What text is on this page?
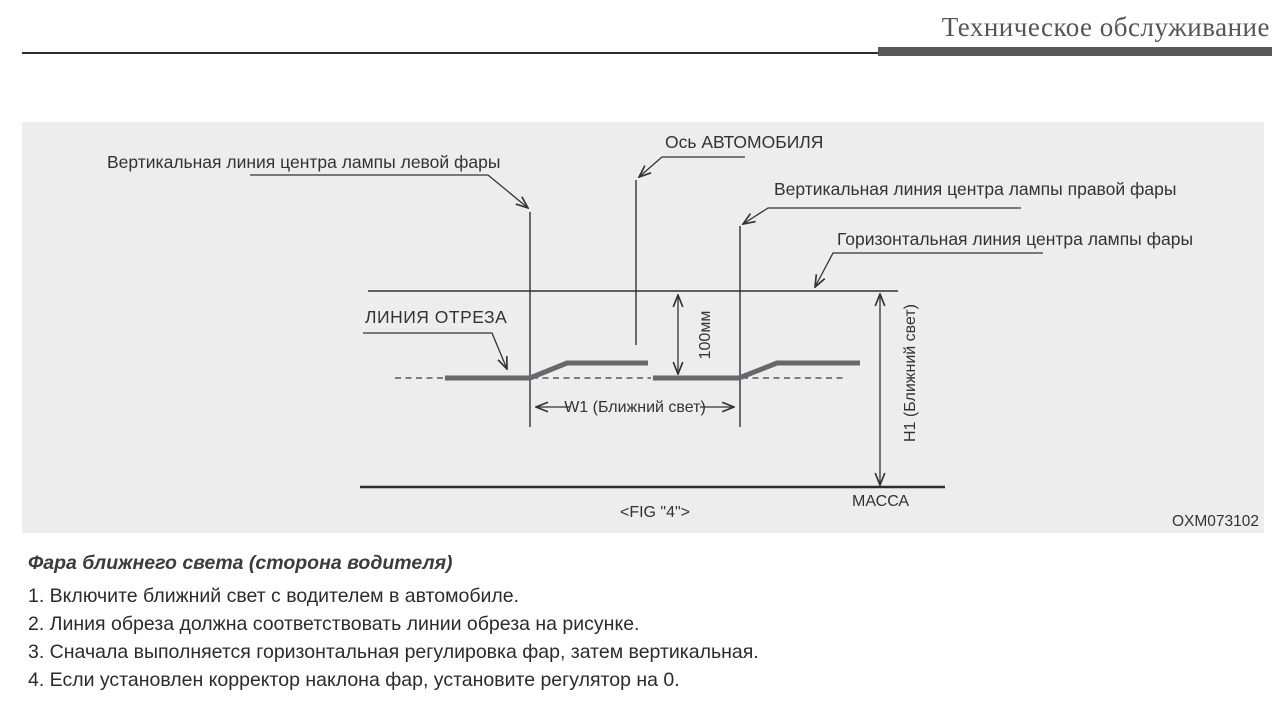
Техническое обслуживание
Вертикальная линия центра лампы левой фары
Ось АВТОМОБИЛЯ
Вертикальная линия центра лампы правой фары
Горизонтальная линия центра лампы фары
ЛИНИЯ ОТРЕЗА	100мм
W1 (Ближний свет)	H1 (Ближний свет)
МАССА
<FIG "4">
OXM073102

Фара ближнего света (сторона водителя)

1. Включите ближний свет с водителем в автомобиле.

2. Линия обреза должна соответствовать линии обреза на рисунке.

3. Сначала выполняется горизонтальная регулировка фар, затем вертикальная.

4. Если установлен корректор наклона фар, установите регулятор на 0.
